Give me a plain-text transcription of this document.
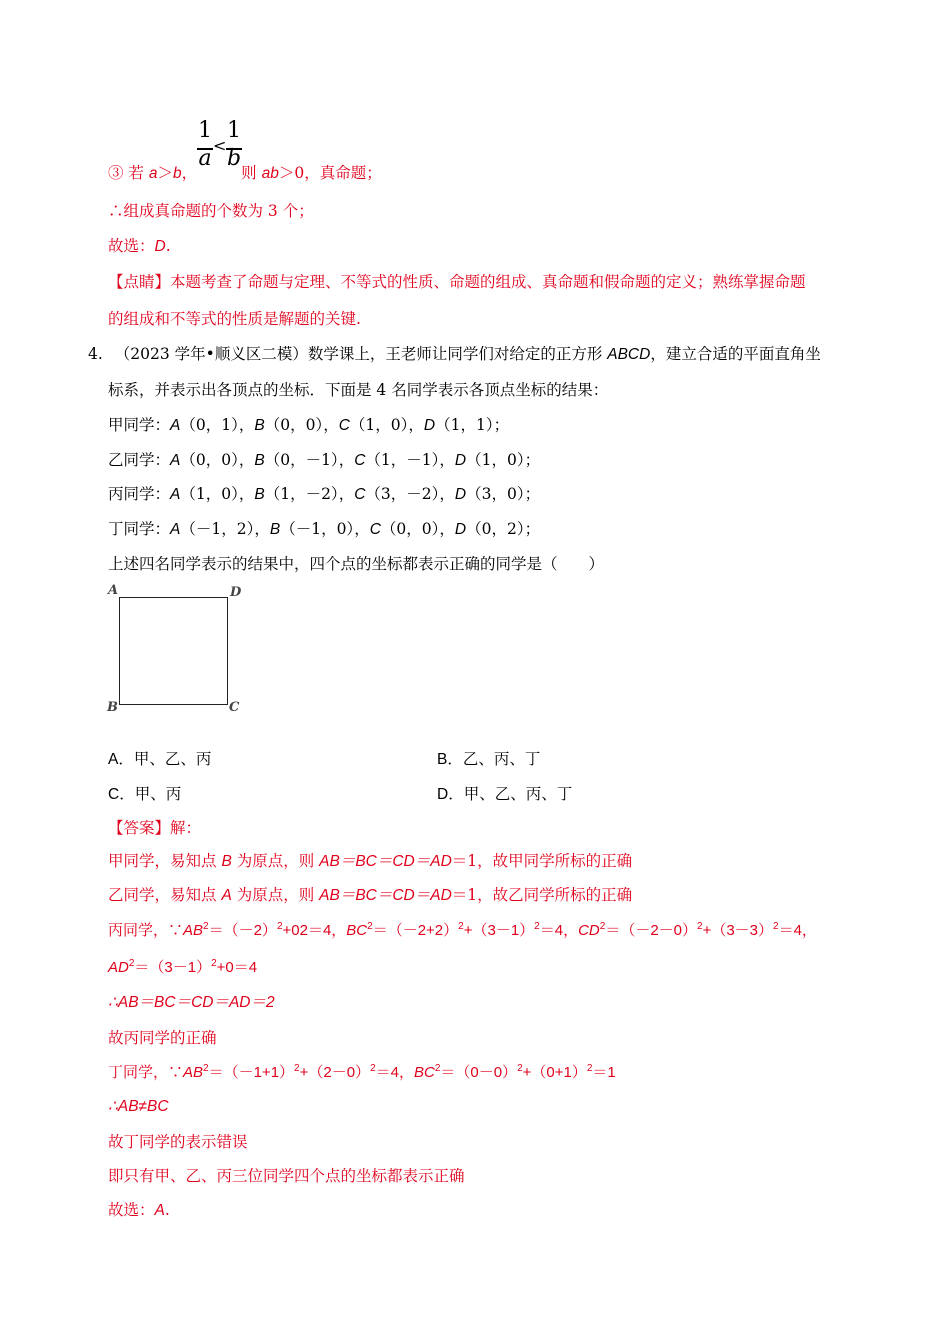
1
a
<
1
b
③ 若 a＞b，	则 ab＞0，真命题；
∴组成真命题的个数为 3 个；
故选：D.
【点睛】本题考查了命题与定理、不等式的性质、命题的组成、真命题和假命题的定义；熟练掌握命题
的组成和不等式的性质是解题的关键.
4. （2023 学年•顺义区二模）数学课上，王老师让同学们对给定的正方形 ABCD，建立合适的平面直角坐
标系，并表示出各顶点的坐标．下面是 4 名同学表示各顶点坐标的结果：
甲同学：A（0，1），B（0，0），C（1，0），D（1，1）；
乙同学：A（0，0），B（0，－1），C（1，－1），D（1，0）；
丙同学：A（1，0），B（1，－2），C（3，－2），D（3，0）；
丁同学：A（－1，2），B（－1，0），C（0，0），D（0，2）；
上述四名同学表示的结果中，四个点的坐标都表示正确的同学是（　　）
A	D
B	C
A．甲、乙、丙	B．乙、丙、丁
C．甲、丙	D．甲、乙、丙、丁
【答案】解：
甲同学，易知点 B 为原点，则 AB＝BC＝CD＝AD＝1，故甲同学所标的正确
乙同学，易知点 A 为原点，则 AB＝BC＝CD＝AD＝1，故乙同学所标的正确
丙同学，$\because AB^2=(-2)^2+02=4$，$BC^2=(-2+2)^2+(3-1)^2=4$，$CD^2=(-2-0)^2+(3-3)^2=4$，
$AD^2=(3-1)^2+0=4$
∴AB＝BC＝CD＝AD＝2
故丙同学的正确
丁同学，$\because AB^2=(-1+1)^2+(2-0)^2=4$，$BC^2=(0-0)^2+(0+1)^2=1$
∴AB≠BC
故丁同学的表示错误
即只有甲、乙、丙三位同学四个点的坐标都表示正确
故选：A.
